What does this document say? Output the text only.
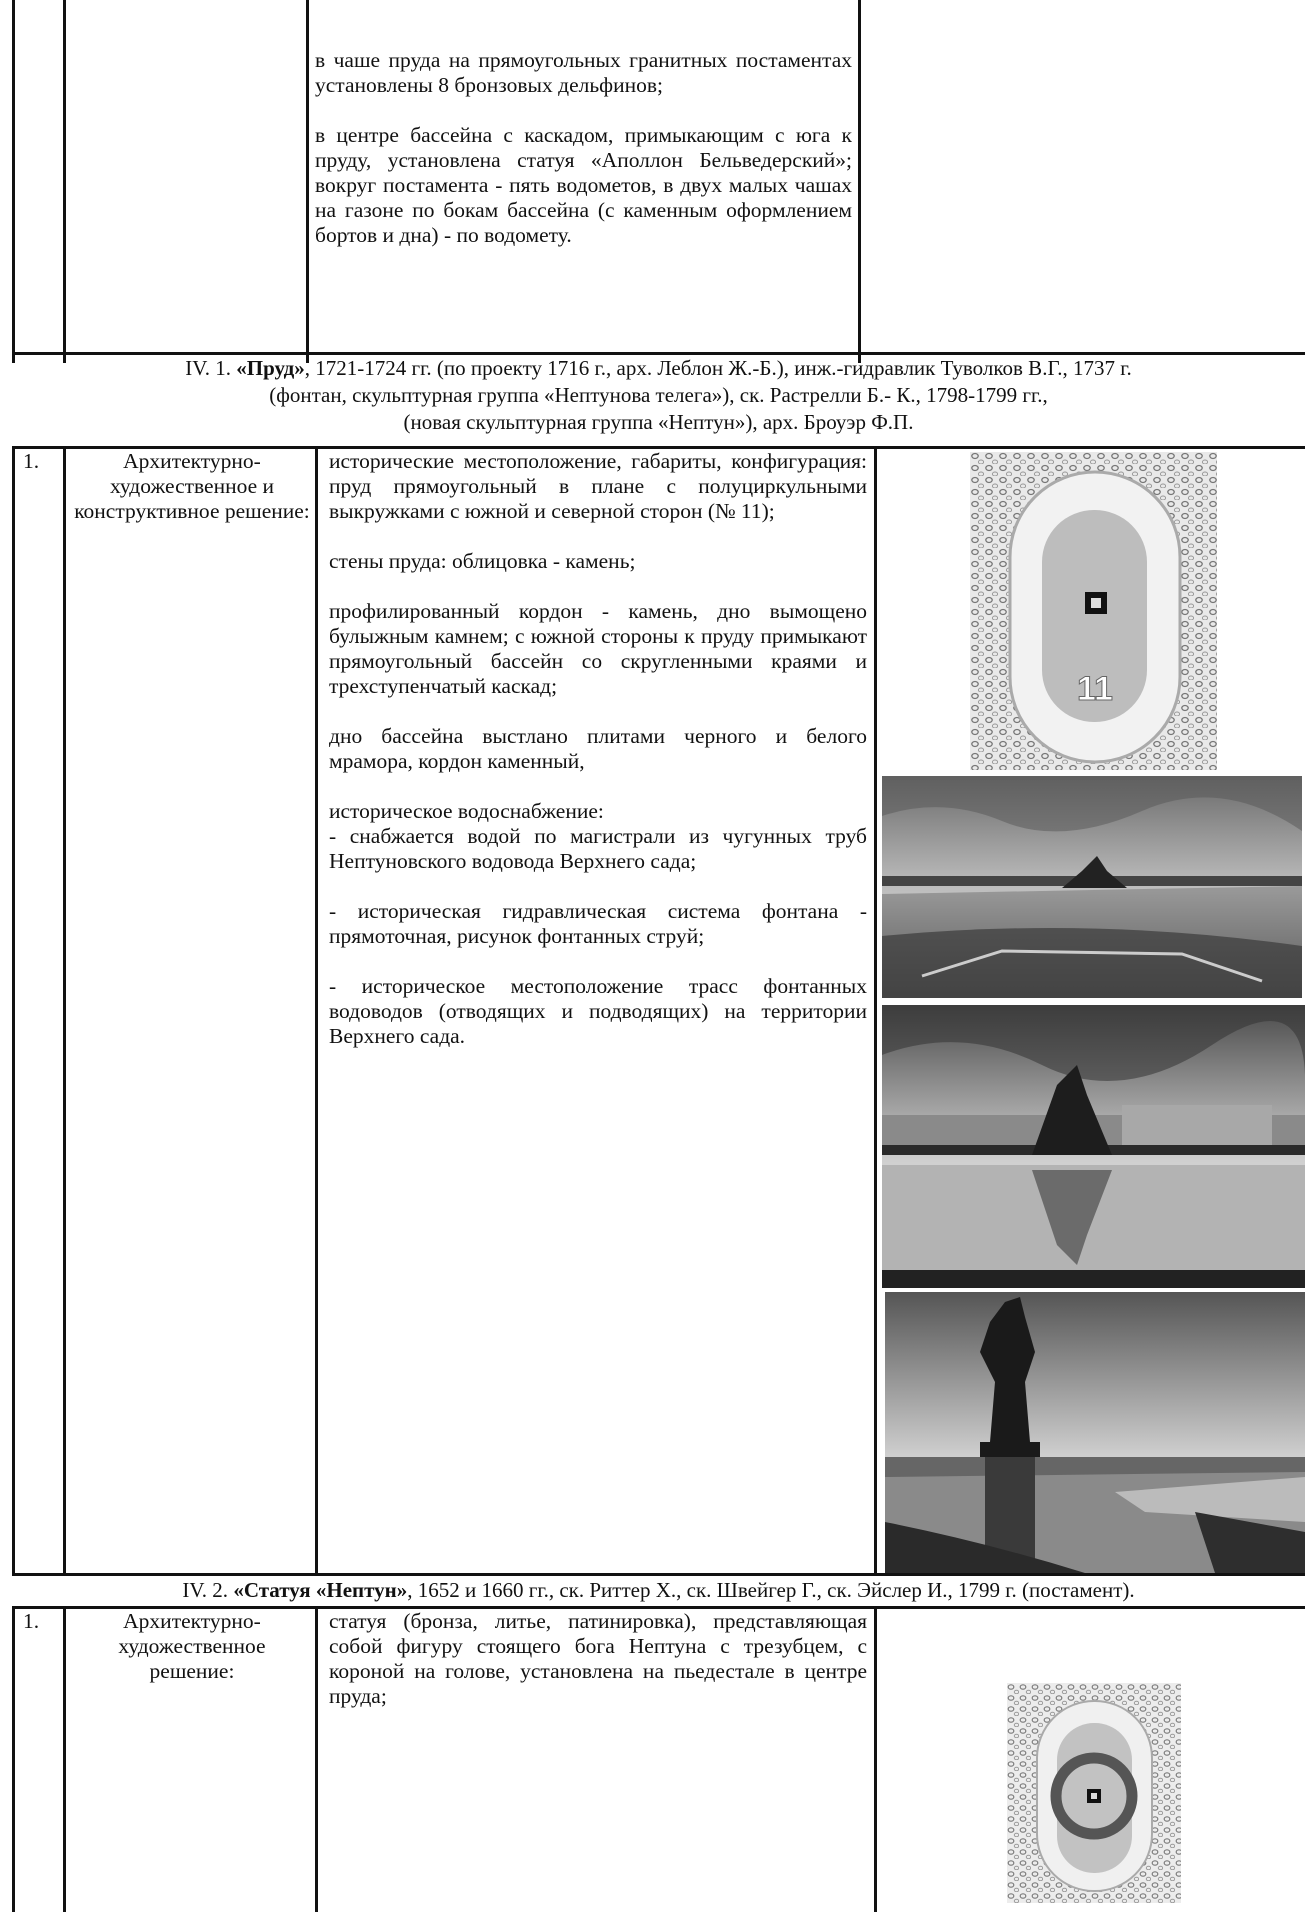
в чаше пруда на прямоугольных гранитных постаментах установлены 8 бронзовых дельфинов;

в центре бассейна с каскадом, примыкающим с юга к пруду, установлена статуя «Аполлон Бельведерский»; вокруг постамента - пять водометов, в двух малых чашах на газоне по бокам бассейна (с каменным оформлением бортов и дна) - по водомету.

IV. 1. «Пруд», 1721-1724 гг. (по проекту 1716 г., арх. Леблон Ж.-Б.), инж.-гидравлик Туволков В.Г., 1737 г.
(фонтан, скульптурная группа «Нептунова телега»), ск. Растрелли Б.- К., 1798-1799 гг.,
(новая скульптурная группа «Нептун»), арх. Броуэр Ф.П.
1.	Архитектурно-художественное и конструктивное решение:

исторические местоположение, габариты, конфигурация: пруд прямоугольный в плане с полуциркульными выкружками с южной и северной сторон (№ 11);

стены пруда: облицовка - камень;

профилированный кордон - камень, дно вымощено булыжным камнем; с южной стороны к пруду примыкают прямоугольный бассейн со скругленными краями и трехступенчатый каскад;

дно бассейна выстлано плитами черного и белого мрамора, кордон каменный,

историческое водоснабжение:

- снабжается водой по магистрали из чугунных труб Нептуновского водовода Верхнего сада;

- историческая гидравлическая система фонтана - прямоточная, рисунок фонтанных струй;

- историческое местоположение трасс фонтанных водоводов (отводящих и подводящих) на территории Верхнего сада.

11
IV. 2. «Статуя «Нептун», 1652 и 1660 гг., ск. Риттер Х., ск. Швейгер Г., ск. Эйслер И., 1799 г. (постамент).
1.	Архитектурно-художественное решение:

статуя (бронза, литье, патинировка), представляющая собой фигуру стоящего бога Нептуна с трезубцем, с короной на голове, установлена на пьедестале в центре пруда;
